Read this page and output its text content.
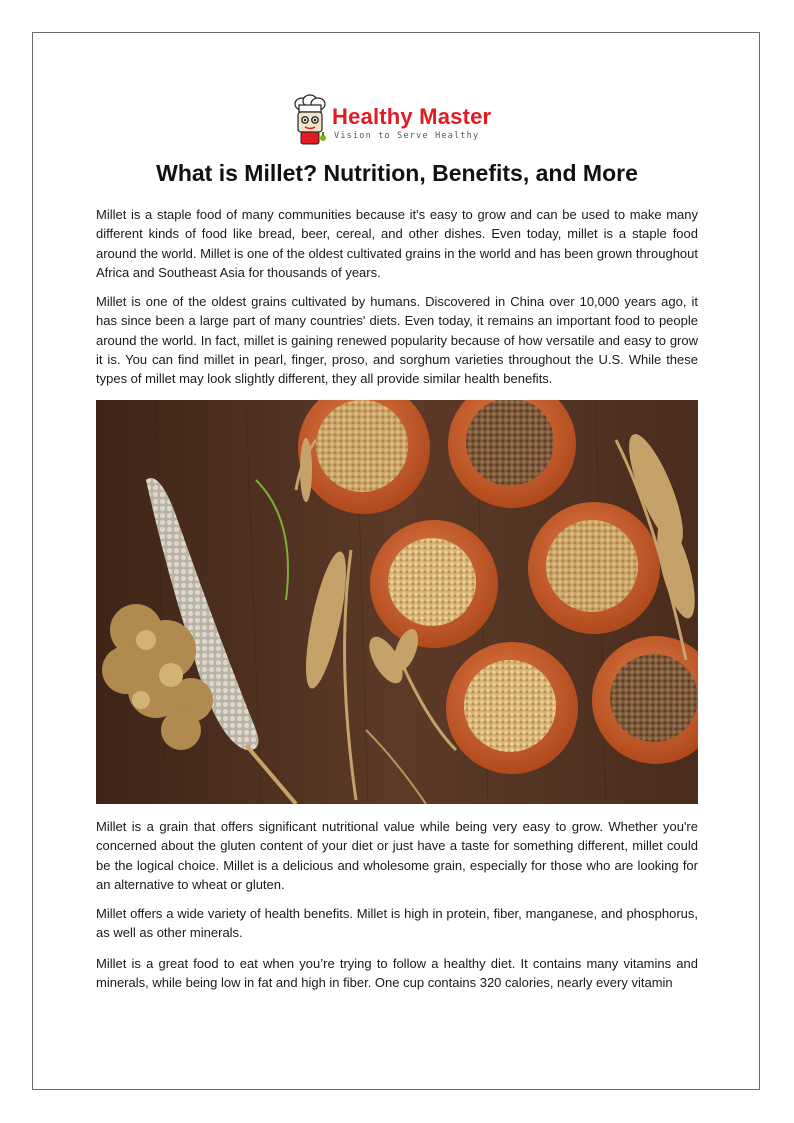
Healthy Master
Vision to Serve Healthy
What is Millet? Nutrition, Benefits, and More

Millet is a staple food of many communities because it's easy to grow and can be used to make many different kinds of food like bread, beer, cereal, and other dishes. Even today, millet is a staple food around the world. Millet is one of the oldest cultivated grains in the world and has been grown throughout Africa and Southeast Asia for thousands of years.

Millet is one of the oldest grains cultivated by humans. Discovered in China over 10,000 years ago, it has since been a large part of many countries' diets. Even today, it remains an important food to people around the world. In fact, millet is gaining renewed popularity because of how versatile and easy to grow it is. You can find millet in pearl, finger, proso, and sorghum varieties throughout the U.S. While these types of millet may look slightly different, they all provide similar health benefits.

Millet is a grain that offers significant nutritional value while being very easy to grow. Whether you're concerned about the gluten content of your diet or just have a taste for something different, millet could be the logical choice. Millet is a delicious and wholesome grain, especially for those who are looking for an alternative to wheat or gluten.

Millet offers a wide variety of health benefits. Millet is high in protein, fiber, manganese, and phosphorus, as well as other minerals.

Millet is a great food to eat when you’re trying to follow a healthy diet. It contains many vitamins and minerals, while being low in fat and high in fiber. One cup contains 320 calories, nearly every vitamin
